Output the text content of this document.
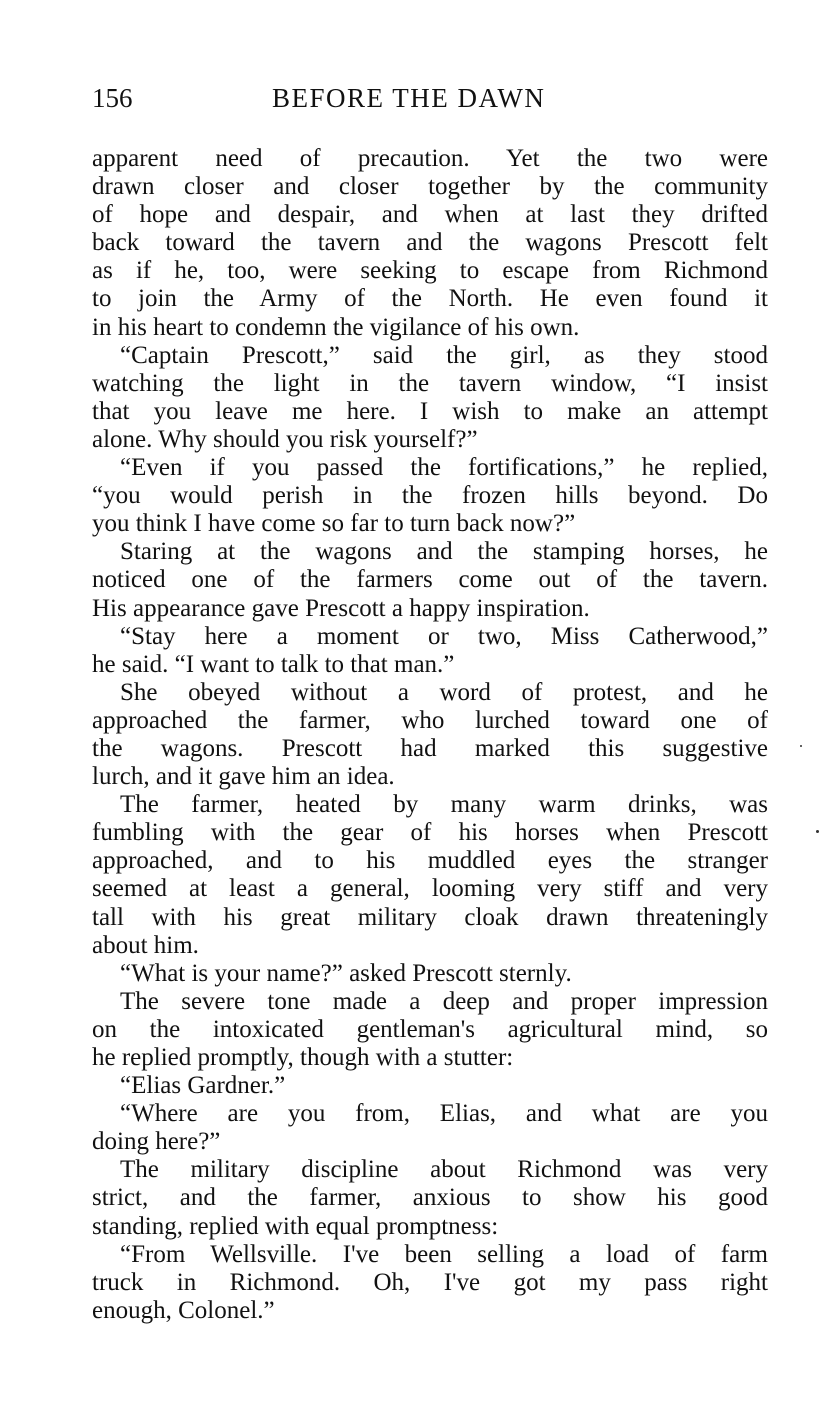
156	BEFORE THE DAWN
apparent need of precaution. Yet the two were
drawn closer and closer together by the community
of hope and despair, and when at last they drifted
back toward the tavern and the wagons Prescott felt
as if he, too, were seeking to escape from Richmond
to join the Army of the North. He even found it
in his heart to condemn the vigilance of his own.
“Captain Prescott,” said the girl, as they stood
watching the light in the tavern window, “I insist
that you leave me here. I wish to make an attempt
alone. Why should you risk yourself?”
“Even if you passed the fortifications,” he replied,
“you would perish in the frozen hills beyond. Do
you think I have come so far to turn back now?”
Staring at the wagons and the stamping horses, he
noticed one of the farmers come out of the tavern.
His appearance gave Prescott a happy inspiration.
“Stay here a moment or two, Miss Catherwood,”
he said. “I want to talk to that man.”
She obeyed without a word of protest, and he
approached the farmer, who lurched toward one of
the wagons. Prescott had marked this suggestive
lurch, and it gave him an idea.
The farmer, heated by many warm drinks, was
fumbling with the gear of his horses when Prescott
approached, and to his muddled eyes the stranger
seemed at least a general, looming very stiff and very
tall with his great military cloak drawn threateningly
about him.
“What is your name?” asked Prescott sternly.
The severe tone made a deep and proper impression
on the intoxicated gentleman's agricultural mind, so
he replied promptly, though with a stutter:
“Elias Gardner.”
“Where are you from, Elias, and what are you
doing here?”
The military discipline about Richmond was very
strict, and the farmer, anxious to show his good
standing, replied with equal promptness:
“From Wellsville. I've been selling a load of farm
truck in Richmond. Oh, I've got my pass right
enough, Colonel.”
